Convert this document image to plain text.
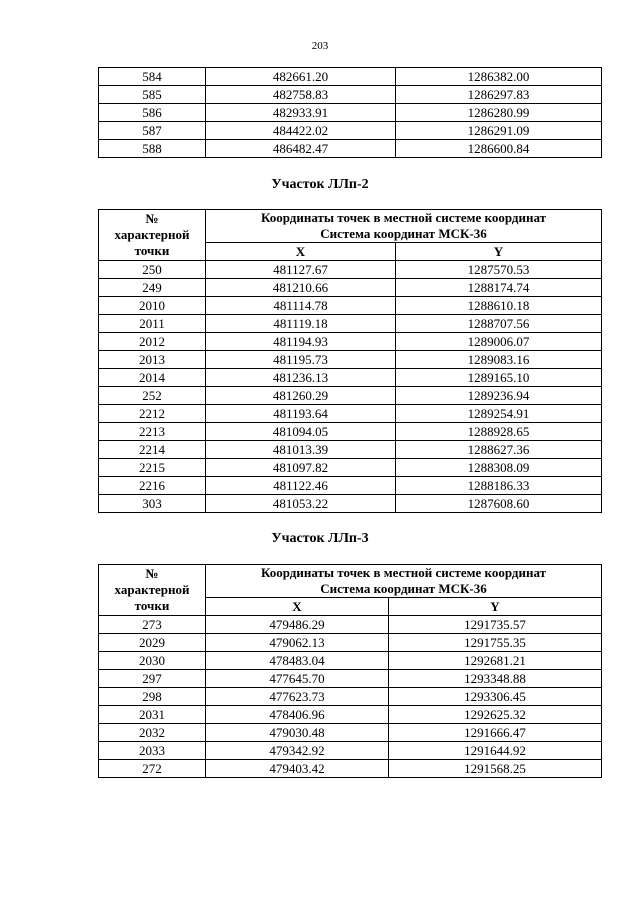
203
584	482661.20	1286382.00
585	482758.83	1286297.83
586	482933.91	1286280.99
587	484422.02	1286291.09
588	486482.47	1286600.84
Участок ЛЛп-2
№
характерной
точки	Координаты точек в местной системе координат
Система координат МСК-36	

	X	Y
250	481127.67	1287570.53
249	481210.66	1288174.74
2010	481114.78	1288610.18
2011	481119.18	1288707.56
2012	481194.93	1289006.07
2013	481195.73	1289083.16
2014	481236.13	1289165.10
252	481260.29	1289236.94
2212	481193.64	1289254.91
2213	481094.05	1288928.65
2214	481013.39	1288627.36
2215	481097.82	1288308.09
2216	481122.46	1288186.33
303	481053.22	1287608.60
Участок ЛЛп-3
№
характерной
точки	Координаты точек в местной системе координат
Система координат МСК-36	

	X	Y
273	479486.29	1291735.57
2029	479062.13	1291755.35
2030	478483.04	1292681.21
297	477645.70	1293348.88
298	477623.73	1293306.45
2031	478406.96	1292625.32
2032	479030.48	1291666.47
2033	479342.92	1291644.92
272	479403.42	1291568.25
